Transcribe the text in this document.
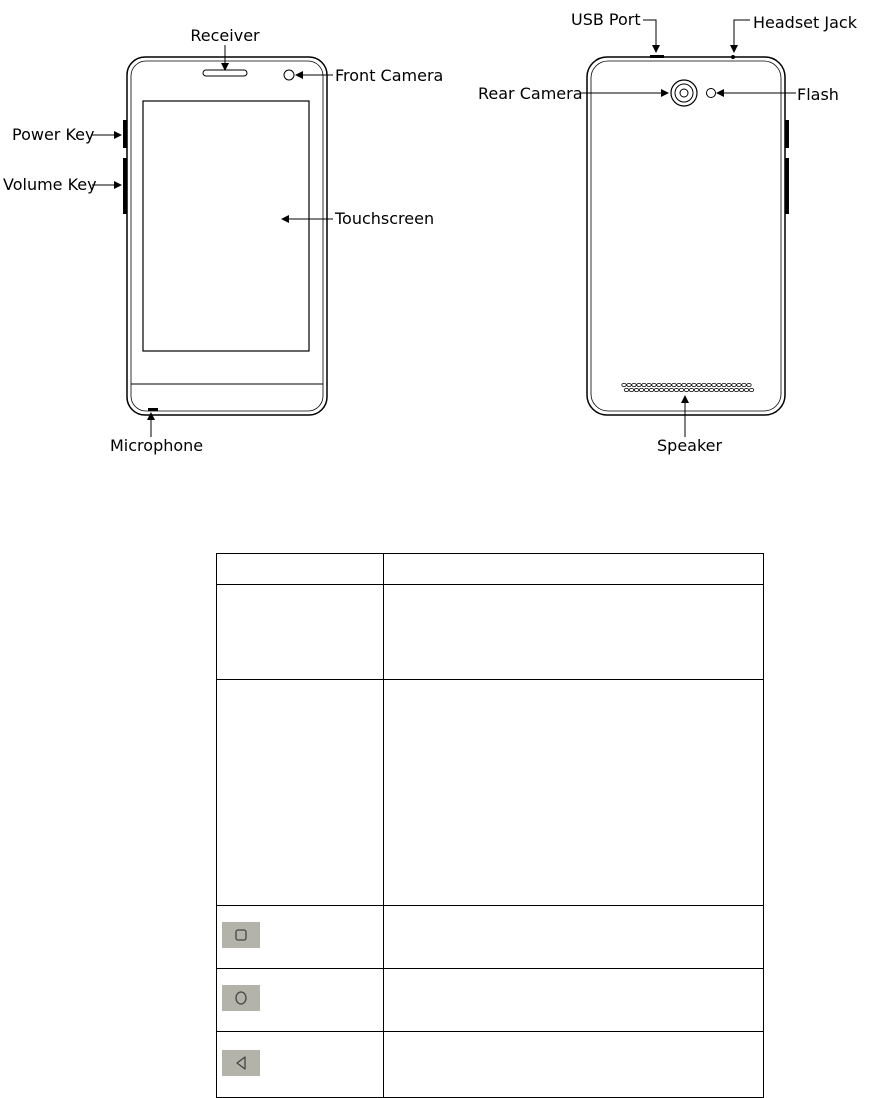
Receiver
Front Camera
Power Key
Volume Key
Touchscreen
Microphone
USB Port	Headset Jack
Rear Camera	Flash
Speaker
